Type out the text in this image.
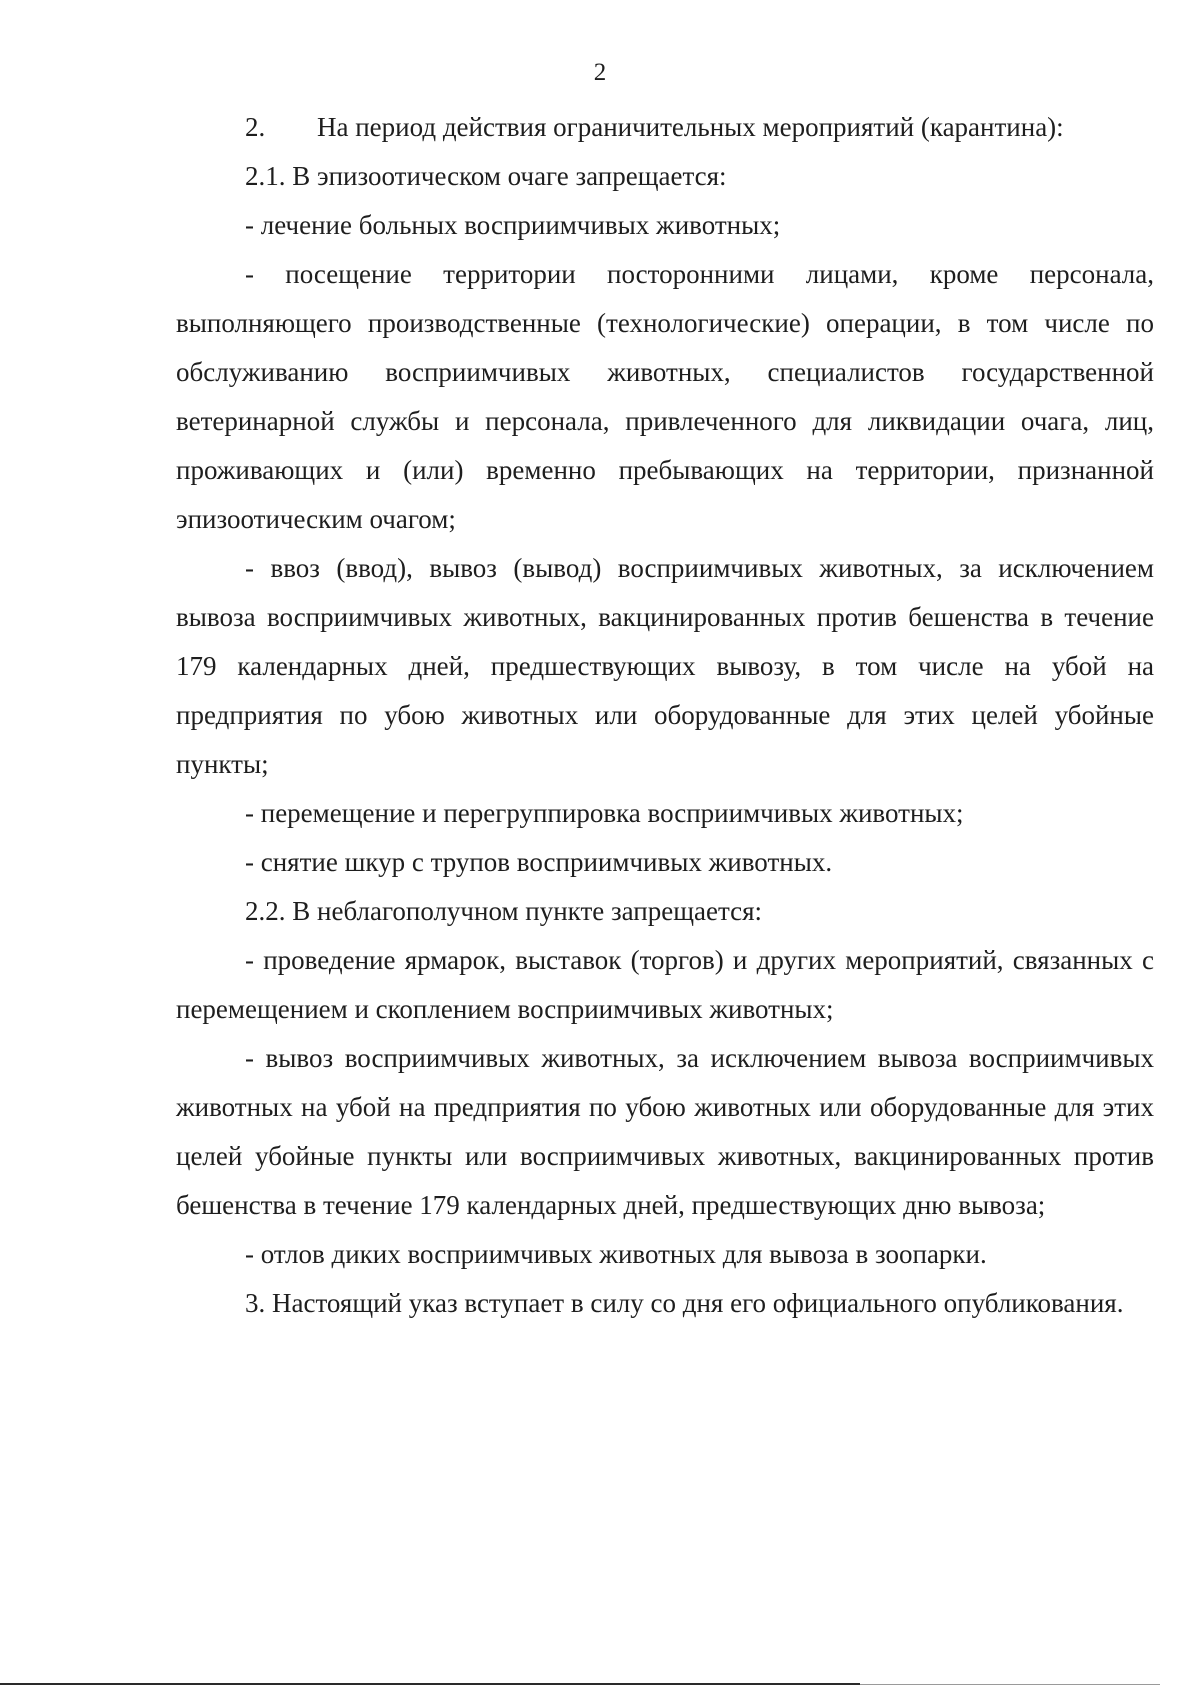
2

2. На период действия ограничительных мероприятий (карантина):

2.1. В эпизоотическом очаге запрещается:

- лечение больных восприимчивых животных;

- посещение территории посторонними лицами, кроме персонала, выполняющего производственные (технологические) операции, в том числе по обслуживанию восприимчивых животных, специалистов государственной ветеринарной службы и персонала, привлеченного для ликвидации очага, лиц, проживающих и (или) временно пребывающих на территории, признанной эпизоотическим очагом;

- ввоз (ввод), вывоз (вывод) восприимчивых животных, за исключением вывоза восприимчивых животных, вакцинированных против бешенства в течение 179 календарных дней, предшествующих вывозу, в том числе на убой на предприятия по убою животных или оборудованные для этих целей убойные пункты;

- перемещение и перегруппировка восприимчивых животных;

- снятие шкур с трупов восприимчивых животных.

2.2. В неблагополучном пункте запрещается:

- проведение ярмарок, выставок (торгов) и других мероприятий, связанных с перемещением и скоплением восприимчивых животных;

- вывоз восприимчивых животных, за исключением вывоза восприимчивых животных на убой на предприятия по убою животных или оборудованные для этих целей убойные пункты или восприимчивых животных, вакцинированных против бешенства в течение 179 календарных дней, предшествующих дню вывоза;

- отлов диких восприимчивых животных для вывоза в зоопарки.

3. Настоящий указ вступает в силу со дня его официального опубликования.
